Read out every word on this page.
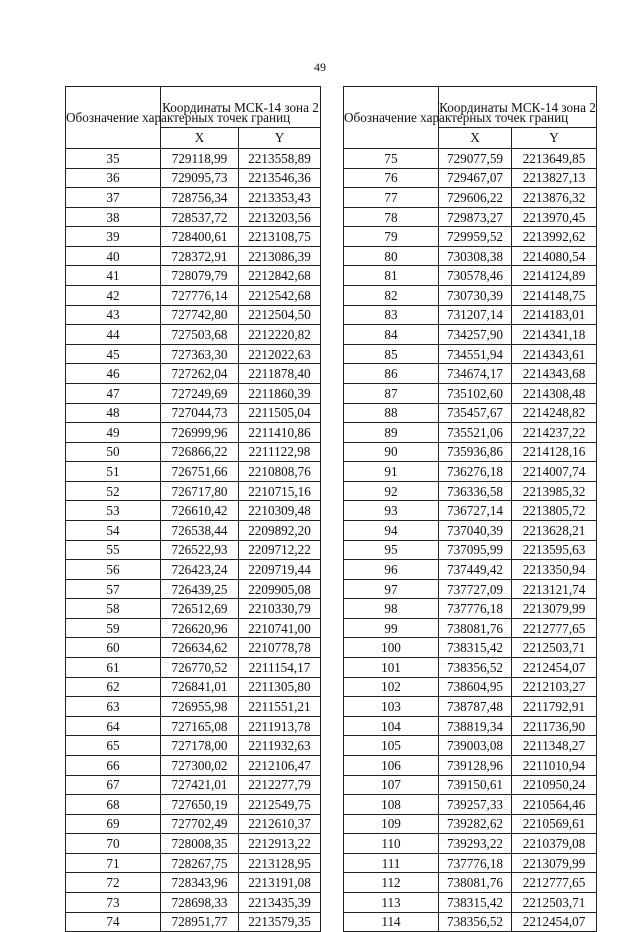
49
Обозначение характерных точек границ	Координаты МСК-14 зона 2	
	X	Y
35	729118,99	2213558,89
36	729095,73	2213546,36
37	728756,34	2213353,43
38	728537,72	2213203,56
39	728400,61	2213108,75
40	728372,91	2213086,39
41	728079,79	2212842,68
42	727776,14	2212542,68
43	727742,80	2212504,50
44	727503,68	2212220,82
45	727363,30	2212022,63
46	727262,04	2211878,40
47	727249,69	2211860,39
48	727044,73	2211505,04
49	726999,96	2211410,86
50	726866,22	2211122,98
51	726751,66	2210808,76
52	726717,80	2210715,16
53	726610,42	2210309,48
54	726538,44	2209892,20
55	726522,93	2209712,22
56	726423,24	2209719,44
57	726439,25	2209905,08
58	726512,69	2210330,79
59	726620,96	2210741,00
60	726634,62	2210778,78
61	726770,52	2211154,17
62	726841,01	2211305,80
63	726955,98	2211551,21
64	727165,08	2211913,78
65	727178,00	2211932,63
66	727300,02	2212106,47
67	727421,01	2212277,79
68	727650,19	2212549,75
69	727702,49	2212610,37
70	728008,35	2212913,22
71	728267,75	2213128,95
72	728343,96	2213191,08
73	728698,33	2213435,39
74	728951,77	2213579,35
Обозначение характерных точек границ	Координаты МСК-14 зона 2	
	X	Y
75	729077,59	2213649,85
76	729467,07	2213827,13
77	729606,22	2213876,32
78	729873,27	2213970,45
79	729959,52	2213992,62
80	730308,38	2214080,54
81	730578,46	2214124,89
82	730730,39	2214148,75
83	731207,14	2214183,01
84	734257,90	2214341,18
85	734551,94	2214343,61
86	734674,17	2214343,68
87	735102,60	2214308,48
88	735457,67	2214248,82
89	735521,06	2214237,22
90	735936,86	2214128,16
91	736276,18	2214007,74
92	736336,58	2213985,32
93	736727,14	2213805,72
94	737040,39	2213628,21
95	737095,99	2213595,63
96	737449,42	2213350,94
97	737727,09	2213121,74
98	737776,18	2213079,99
99	738081,76	2212777,65
100	738315,42	2212503,71
101	738356,52	2212454,07
102	738604,95	2212103,27
103	738787,48	2211792,91
104	738819,34	2211736,90
105	739003,08	2211348,27
106	739128,96	2211010,94
107	739150,61	2210950,24
108	739257,33	2210564,46
109	739282,62	2210569,61
110	739293,22	2210379,08
111	737776,18	2213079,99
112	738081,76	2212777,65
113	738315,42	2212503,71
114	738356,52	2212454,07
